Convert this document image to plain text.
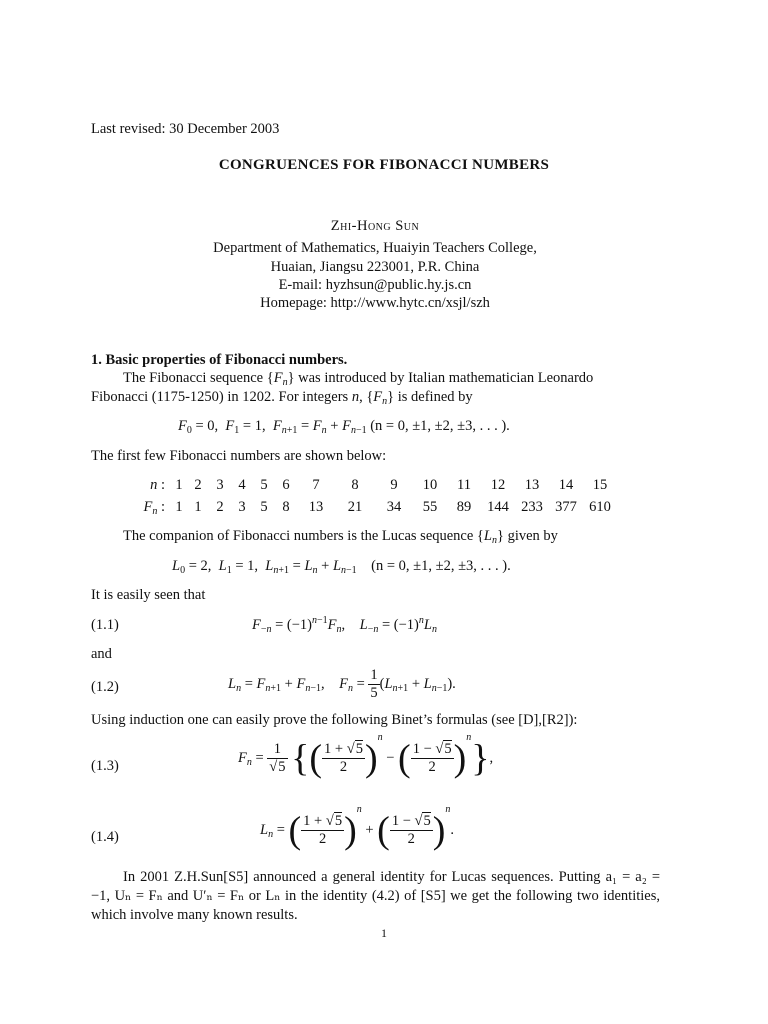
Last revised: 30 December 2003
CONGRUENCES FOR FIBONACCI NUMBERS
Zhi-Hong Sun
Department of Mathematics, Huaiyin Teachers College,
Huaian, Jiangsu 223001, P.R. China
E-mail: hyzhsun@public.hy.js.cn
Homepage: http://www.hytc.cn/xsjl/szh
1. Basic properties of Fibonacci numbers.
The Fibonacci sequence $\{F_n\}$ was introduced by Italian mathematician Leonardo
Fibonacci (1175-1250) in 1202. For integers n, $\{F_n\}$ is defined by
$F_0 = 0$,  $F_1 = 1$,  $F_{n+1} = F_n + F_{n-1}$ (n = 0, ±1, ±2, ±3, . . . ).
The first few Fibonacci numbers are shown below:
n :	1	2	3	4	5	6	7	8	9	10	11	12	13	14	15
$F_n$ :	1	1	2	3	5	8	13	21	34	55	89	144	233	377	610
The companion of Fibonacci numbers is the Lucas sequence $\{L_n\}$ given by
$L_0 = 2$,  $L_1 = 1$,  $L_{n+1} = L_n + L_{n-1}$ (n = 0, ±1, ±2, ±3, . . . ).
It is easily seen that
(1.1)	$F_{-n} = (-1)^{n-1}F_n$,    $L_{-n} = (-1)^nL_n$
and
(1.2)	$L_n = F_{n+1} + F_{n-1}$,    $F_n = \frac{1}{5} (L_{n+1} + L_{n-1})$.
Using induction one can easily prove the following Binet’s formulas (see [D],[R2]):
(1.3)	$F_n = \frac{1}{√5}$ {( $\frac{1 + √5}{2} )^n$ − ( $\frac{1 - √5}{2} )^n$},
(1.4)	$L_n$ = ( $\frac{1 + √5}{2} )^n$ + ( $\frac{1 - √5}{2} )^n$.
In 2001 Z.H.Sun[S5] announced a general identity for Lucas sequences. Putting a₁ = a₂ = −1, Uₙ = Fₙ and U′ₙ = Fₙ or Lₙ in the identity (4.2) of [S5] we get the following two identities, which involve many known results.
1
